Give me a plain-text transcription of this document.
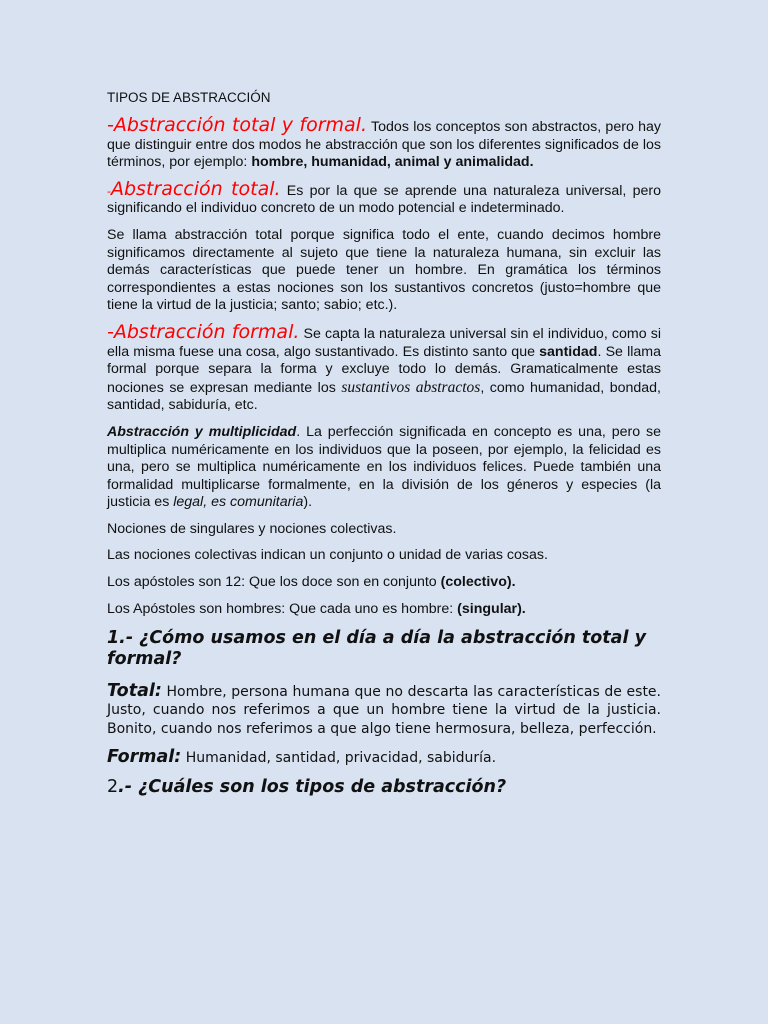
TIPOS DE ABSTRACCIÓN

-Abstracción total y formal. Todos los conceptos son abstractos, pero hay que distinguir entre dos modos he abstracción que son los diferentes significados de los términos, por ejemplo: hombre, humanidad, animal y animalidad.

-Abstracción total. Es por la que se aprende una naturaleza universal, pero significando el individuo concreto de un modo potencial e indeterminado.

Se llama abstracción total porque significa todo el ente, cuando decimos hombre significamos directamente al sujeto que tiene la naturaleza humana, sin excluir las demás características que puede tener un hombre. En gramática los términos correspondientes a estas nociones son los sustantivos concretos (justo=hombre que tiene la virtud de la justicia; santo; sabio; etc.).

-Abstracción formal. Se capta la naturaleza universal sin el individuo, como si ella misma fuese una cosa, algo sustantivado. Es distinto santo que santidad. Se llama formal porque separa la forma y excluye todo lo demás. Gramaticalmente estas nociones se expresan mediante los sustantivos abstractos, como humanidad, bondad, santidad, sabiduría, etc.

Abstracción y multiplicidad. La perfección significada en concepto es una, pero se multiplica numéricamente en los individuos que la poseen, por ejemplo, la felicidad es una, pero se multiplica numéricamente en los individuos felices. Puede también una formalidad multiplicarse formalmente, en la división de los géneros y especies (la justicia es legal, es comunitaria).

Nociones de singulares y nociones colectivas.

Las nociones colectivas indican un conjunto o unidad de varias cosas.

Los apóstoles son 12: Que los doce son en conjunto (colectivo).

Los Apóstoles son hombres: Que cada uno es hombre: (singular).

1.- ¿Cómo usamos en el día a día la abstracción total y formal?

Total: Hombre, persona humana que no descarta las características de este. Justo, cuando nos referimos a que un hombre tiene la virtud de la justicia. Bonito, cuando nos referimos a que algo tiene hermosura, belleza, perfección.

Formal: Humanidad, santidad, privacidad, sabiduría.

2.- ¿Cuáles son los tipos de abstracción?
